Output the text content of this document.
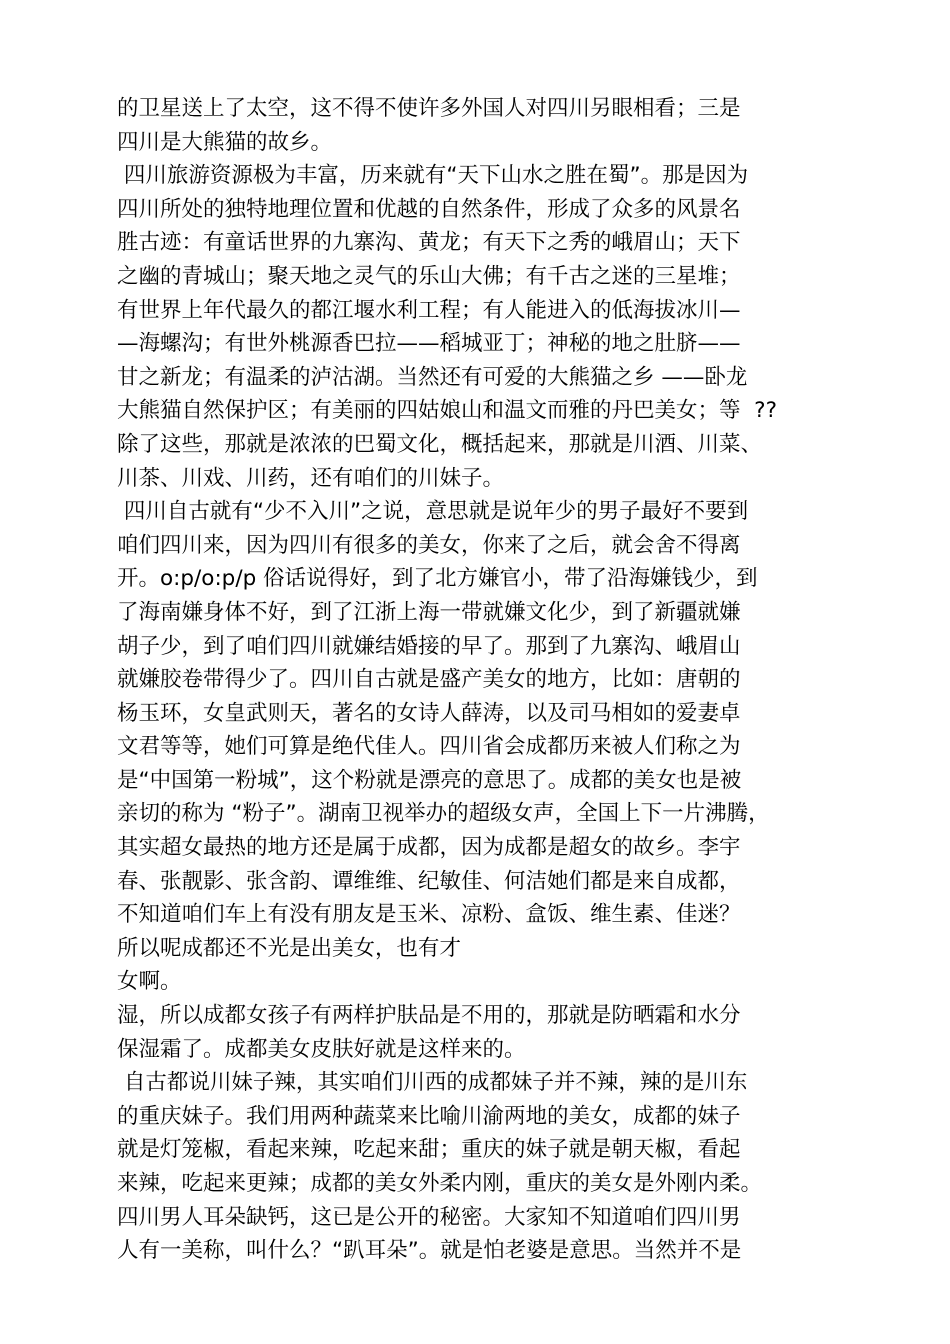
的卫星送上了太空，这不得不使许多外国人对四川另眼相看；三是
四川是大熊猫的故乡。
四川旅游资源极为丰富，历来就有“天下山水之胜在蜀”。那是因为
四川所处的独特地理位置和优越的自然条件，形成了众多的风景名
胜古迹：有童话世界的九寨沟、黄龙；有天下之秀的峨眉山；天下
之幽的青城山；聚天地之灵气的乐山大佛；有千古之迷的三星堆；
有世界上年代最久的都江堰水利工程；有人能进入的低海拔冰川—
—海螺沟；有世外桃源香巴拉——稻城亚丁；神秘的地之肚脐——
甘之新龙；有温柔的泸沽湖。当然还有可爱的大熊猫之乡 ——卧龙
大熊猫自然保护区；有美丽的四姑娘山和温文而雅的丹巴美女；等  ??
除了这些，那就是浓浓的巴蜀文化，概括起来，那就是川酒、川菜、
川茶、川戏、川药，还有咱们的川妹子。
四川自古就有“少不入川”之说，意思就是说年少的男子最好不要到
咱们四川来，因为四川有很多的美女，你来了之后，就会舍不得离
开。o:p/o:p/p 俗话说得好，到了北方嫌官小，带了沿海嫌钱少，到
了海南嫌身体不好，到了江浙上海一带就嫌文化少，到了新疆就嫌
胡子少，到了咱们四川就嫌结婚接的早了。那到了九寨沟、峨眉山
就嫌胶卷带得少了。四川自古就是盛产美女的地方，比如：唐朝的
杨玉环，女皇武则天，著名的女诗人薛涛，以及司马相如的爱妻卓
文君等等，她们可算是绝代佳人。四川省会成都历来被人们称之为
是“中国第一粉城”，这个粉就是漂亮的意思了。成都的美女也是被
亲切的称为 “粉子”。湖南卫视举办的超级女声，全国上下一片沸腾，
其实超女最热的地方还是属于成都，因为成都是超女的故乡。李宇
春、张靓影、张含韵、谭维维、纪敏佳、何洁她们都是来自成都，
不知道咱们车上有没有朋友是玉米、凉粉、盒饭、维生素、佳迷？
所以呢成都还不光是出美女，也有才
女啊。
湿，所以成都女孩子有两样护肤品是不用的，那就是防晒霜和水分
保湿霜了。成都美女皮肤好就是这样来的。
自古都说川妹子辣，其实咱们川西的成都妹子并不辣，辣的是川东
的重庆妹子。我们用两种蔬菜来比喻川渝两地的美女，成都的妹子
就是灯笼椒，看起来辣，吃起来甜；重庆的妹子就是朝天椒，看起
来辣，吃起来更辣；成都的美女外柔内刚，重庆的美女是外刚内柔。
四川男人耳朵缺钙，这已是公开的秘密。大家知不知道咱们四川男
人有一美称，叫什么？“趴耳朵”。就是怕老婆是意思。当然并不是
